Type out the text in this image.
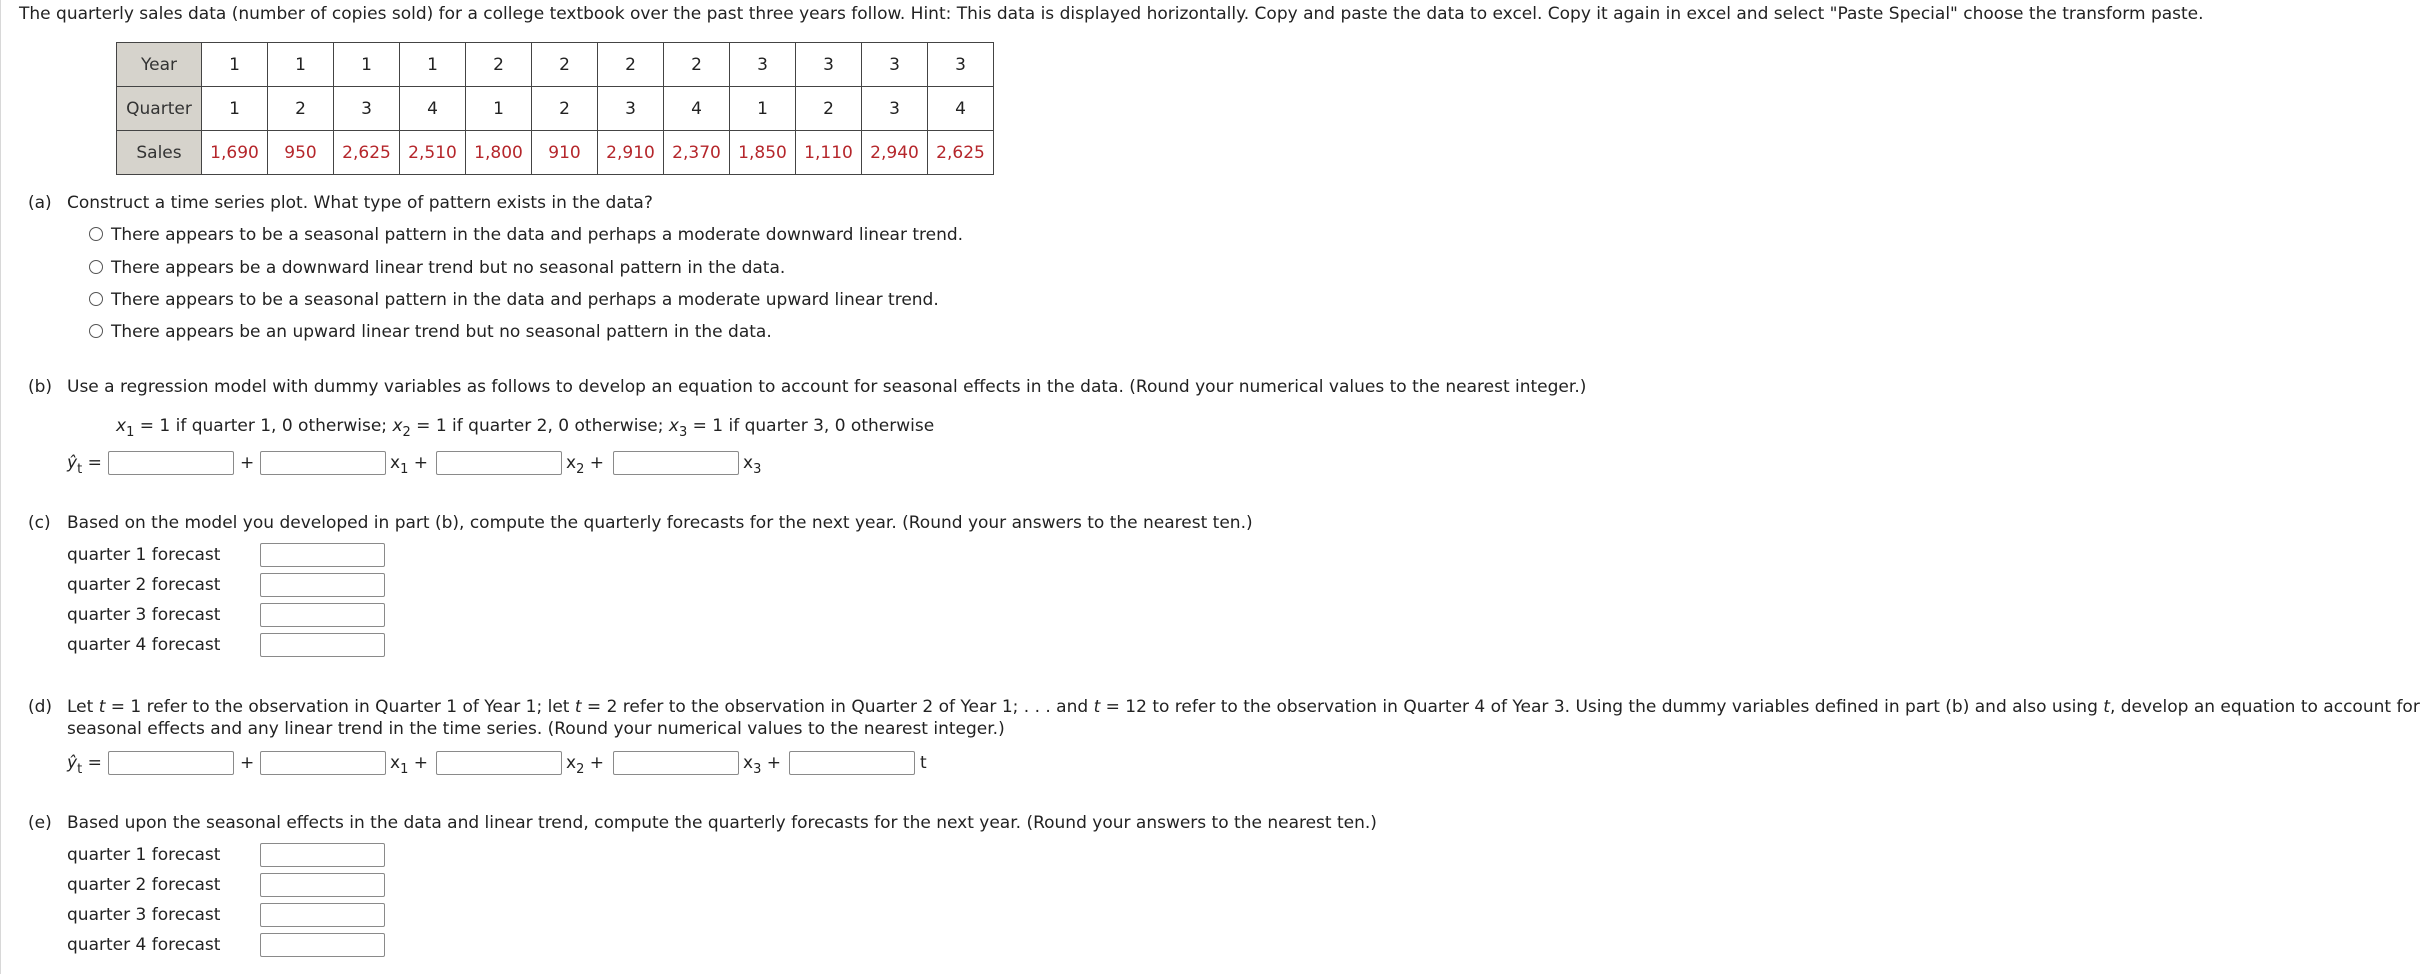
The quarterly sales data (number of copies sold) for a college textbook over the past three years follow. Hint: This data is displayed horizontally. Copy and paste the data to excel. Copy it again in excel and select "Paste Special" choose the transform paste.
Year	1	1	1	1	2	2	2	2	3	3	3	3
Quarter	1	2	3	4	1	2	3	4	1	2	3	4
Sales	1,690	950	2,625	2,510	1,800	910	2,910	2,370	1,850	1,110	2,940	2,625
(a) Construct a time series plot. What type of pattern exists in the data?
There appears to be a seasonal pattern in the data and perhaps a moderate downward linear trend.
There appears be a downward linear trend but no seasonal pattern in the data.
There appears to be a seasonal pattern in the data and perhaps a moderate upward linear trend.
There appears be an upward linear trend but no seasonal pattern in the data.
(b) Use a regression model with dummy variables as follows to develop an equation to account for seasonal effects in the data. (Round your numerical values to the nearest integer.)
$x_1 = 1$ if quarter 1, 0 otherwise; $x_2 = 1$ if quarter 2, 0 otherwise; $x_3 = 1$ if quarter 3, 0 otherwise
$ŷ_t$ =	+	$x_1$ +	$x_2$ +	$x_3$
(c) Based on the model you developed in part (b), compute the quarterly forecasts for the next year. (Round your answers to the nearest ten.)
quarter 1 forecast
quarter 2 forecast
quarter 3 forecast
quarter 4 forecast
(d) Let t = 1 refer to the observation in Quarter 1 of Year 1; let t = 2 refer to the observation in Quarter 2 of Year 1; . . . and t = 12 to refer to the observation in Quarter 4 of Year 3. Using the dummy variables defined in part (b) and also using t, develop an equation to account for
seasonal effects and any linear trend in the time series. (Round your numerical values to the nearest integer.)
$ŷ_t$ =	+	$x_1$ +	$x_2$ +	$x_3$ +	t
(e) Based upon the seasonal effects in the data and linear trend, compute the quarterly forecasts for the next year. (Round your answers to the nearest ten.)
quarter 1 forecast
quarter 2 forecast
quarter 3 forecast
quarter 4 forecast
